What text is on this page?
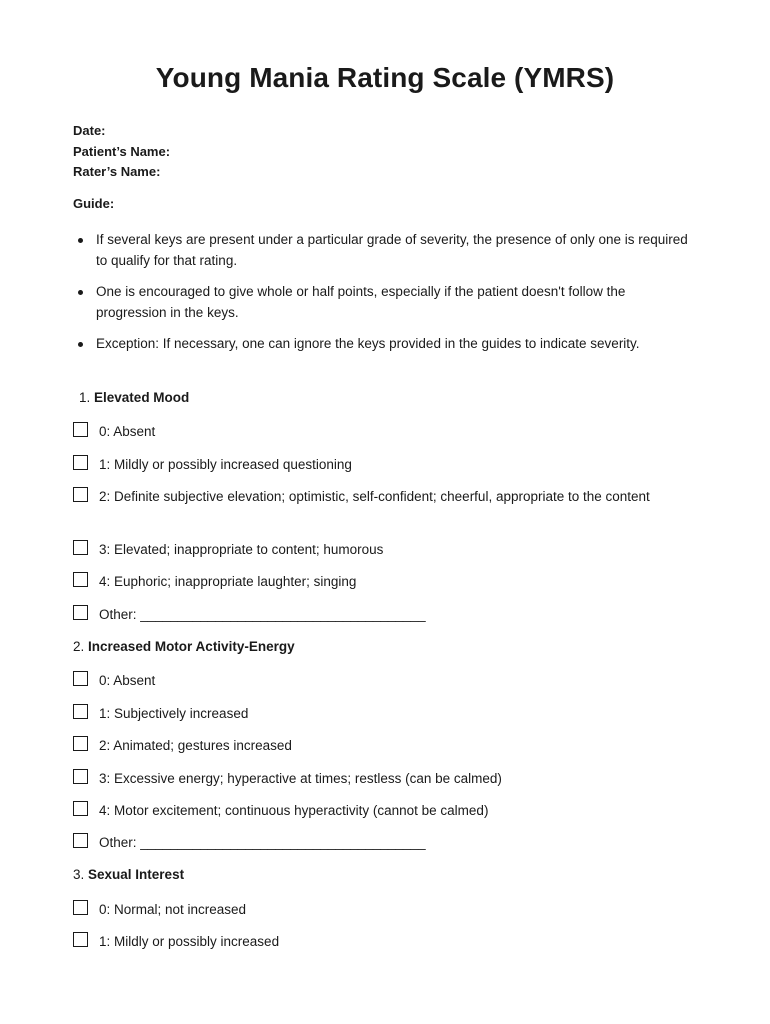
Young Mania Rating Scale (YMRS)
Date:
Patient’s Name:
Rater’s Name:
Guide:
If several keys are present under a particular grade of severity, the presence of only one is required to qualify for that rating.
One is encouraged to give whole or half points, especially if the patient doesn't follow the progression in the keys.
Exception: If necessary, one can ignore the keys provided in the guides to indicate severity.
1. Elevated Mood
0: Absent
1: Mildly or possibly increased questioning
2: Definite subjective elevation; optimistic, self-confident; cheerful, appropriate to the content
3: Elevated; inappropriate to content; humorous
4: Euphoric; inappropriate laughter; singing
Other: ______________________________________
2. Increased Motor Activity-Energy
0: Absent
1: Subjectively increased
2: Animated; gestures increased
3: Excessive energy; hyperactive at times; restless (can be calmed)
4: Motor excitement; continuous hyperactivity (cannot be calmed)
Other: ______________________________________
3. Sexual Interest
0: Normal; not increased
1: Mildly or possibly increased
